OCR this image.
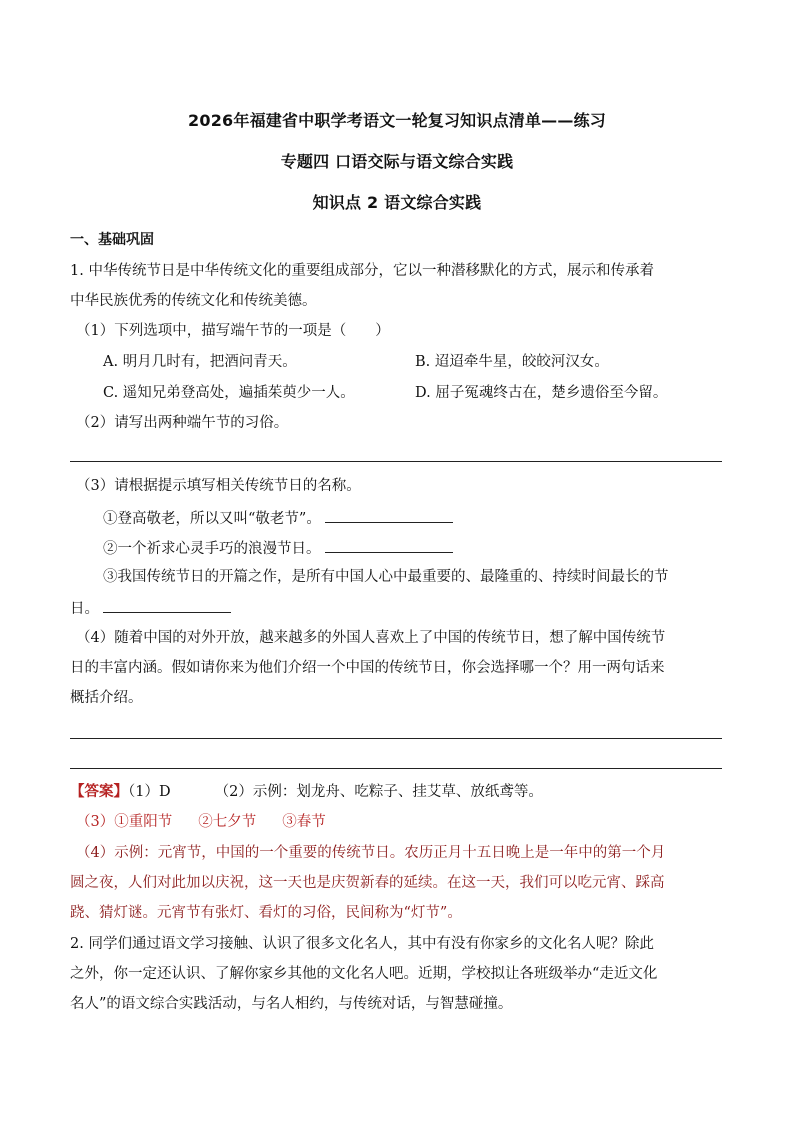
2026年福建省中职学考语文一轮复习知识点清单——练习
专题四 口语交际与语文综合实践
知识点 2 语文综合实践
一、基础巩固
1. 中华传统节日是中华传统文化的重要组成部分，它以一种潜移默化的方式，展示和传承着
中华民族优秀的传统文化和传统美德。
（1）下列选项中，描写端午节的一项是（　　）
A. 明月几时有，把酒问青天。	B. 迢迢牵牛星，皎皎河汉女。
C. 遥知兄弟登高处，遍插茱萸少一人。	D. 屈子冤魂终古在，楚乡遗俗至今留。
（2）请写出两种端午节的习俗。
（3）请根据提示填写相关传统节日的名称。
①登高敬老，所以又叫“敬老节”。
②一个祈求心灵手巧的浪漫节日。
③我国传统节日的开篇之作，是所有中国人心中最重要的、最隆重的、持续时间最长的节
日。
（4）随着中国的对外开放，越来越多的外国人喜欢上了中国的传统节日，想了解中国传统节
日的丰富内涵。假如请你来为他们介绍一个中国的传统节日，你会选择哪一个？用一两句话来
概括介绍。
【答案】（1）D	（2）示例：划龙舟、吃粽子、挂艾草、放纸鸢等。
（3）①重阳节 ②七夕节 ③春节
（4）示例：元宵节，中国的一个重要的传统节日。农历正月十五日晚上是一年中的第一个月
圆之夜，人们对此加以庆祝，这一天也是庆贺新春的延续。在这一天，我们可以吃元宵、踩高
跷、猜灯谜。元宵节有张灯、看灯的习俗，民间称为“灯节”。
2. 同学们通过语文学习接触、认识了很多文化名人，其中有没有你家乡的文化名人呢？除此
之外，你一定还认识、了解你家乡其他的文化名人吧。近期，学校拟让各班级举办“走近文化
名人”的语文综合实践活动，与名人相约，与传统对话，与智慧碰撞。
